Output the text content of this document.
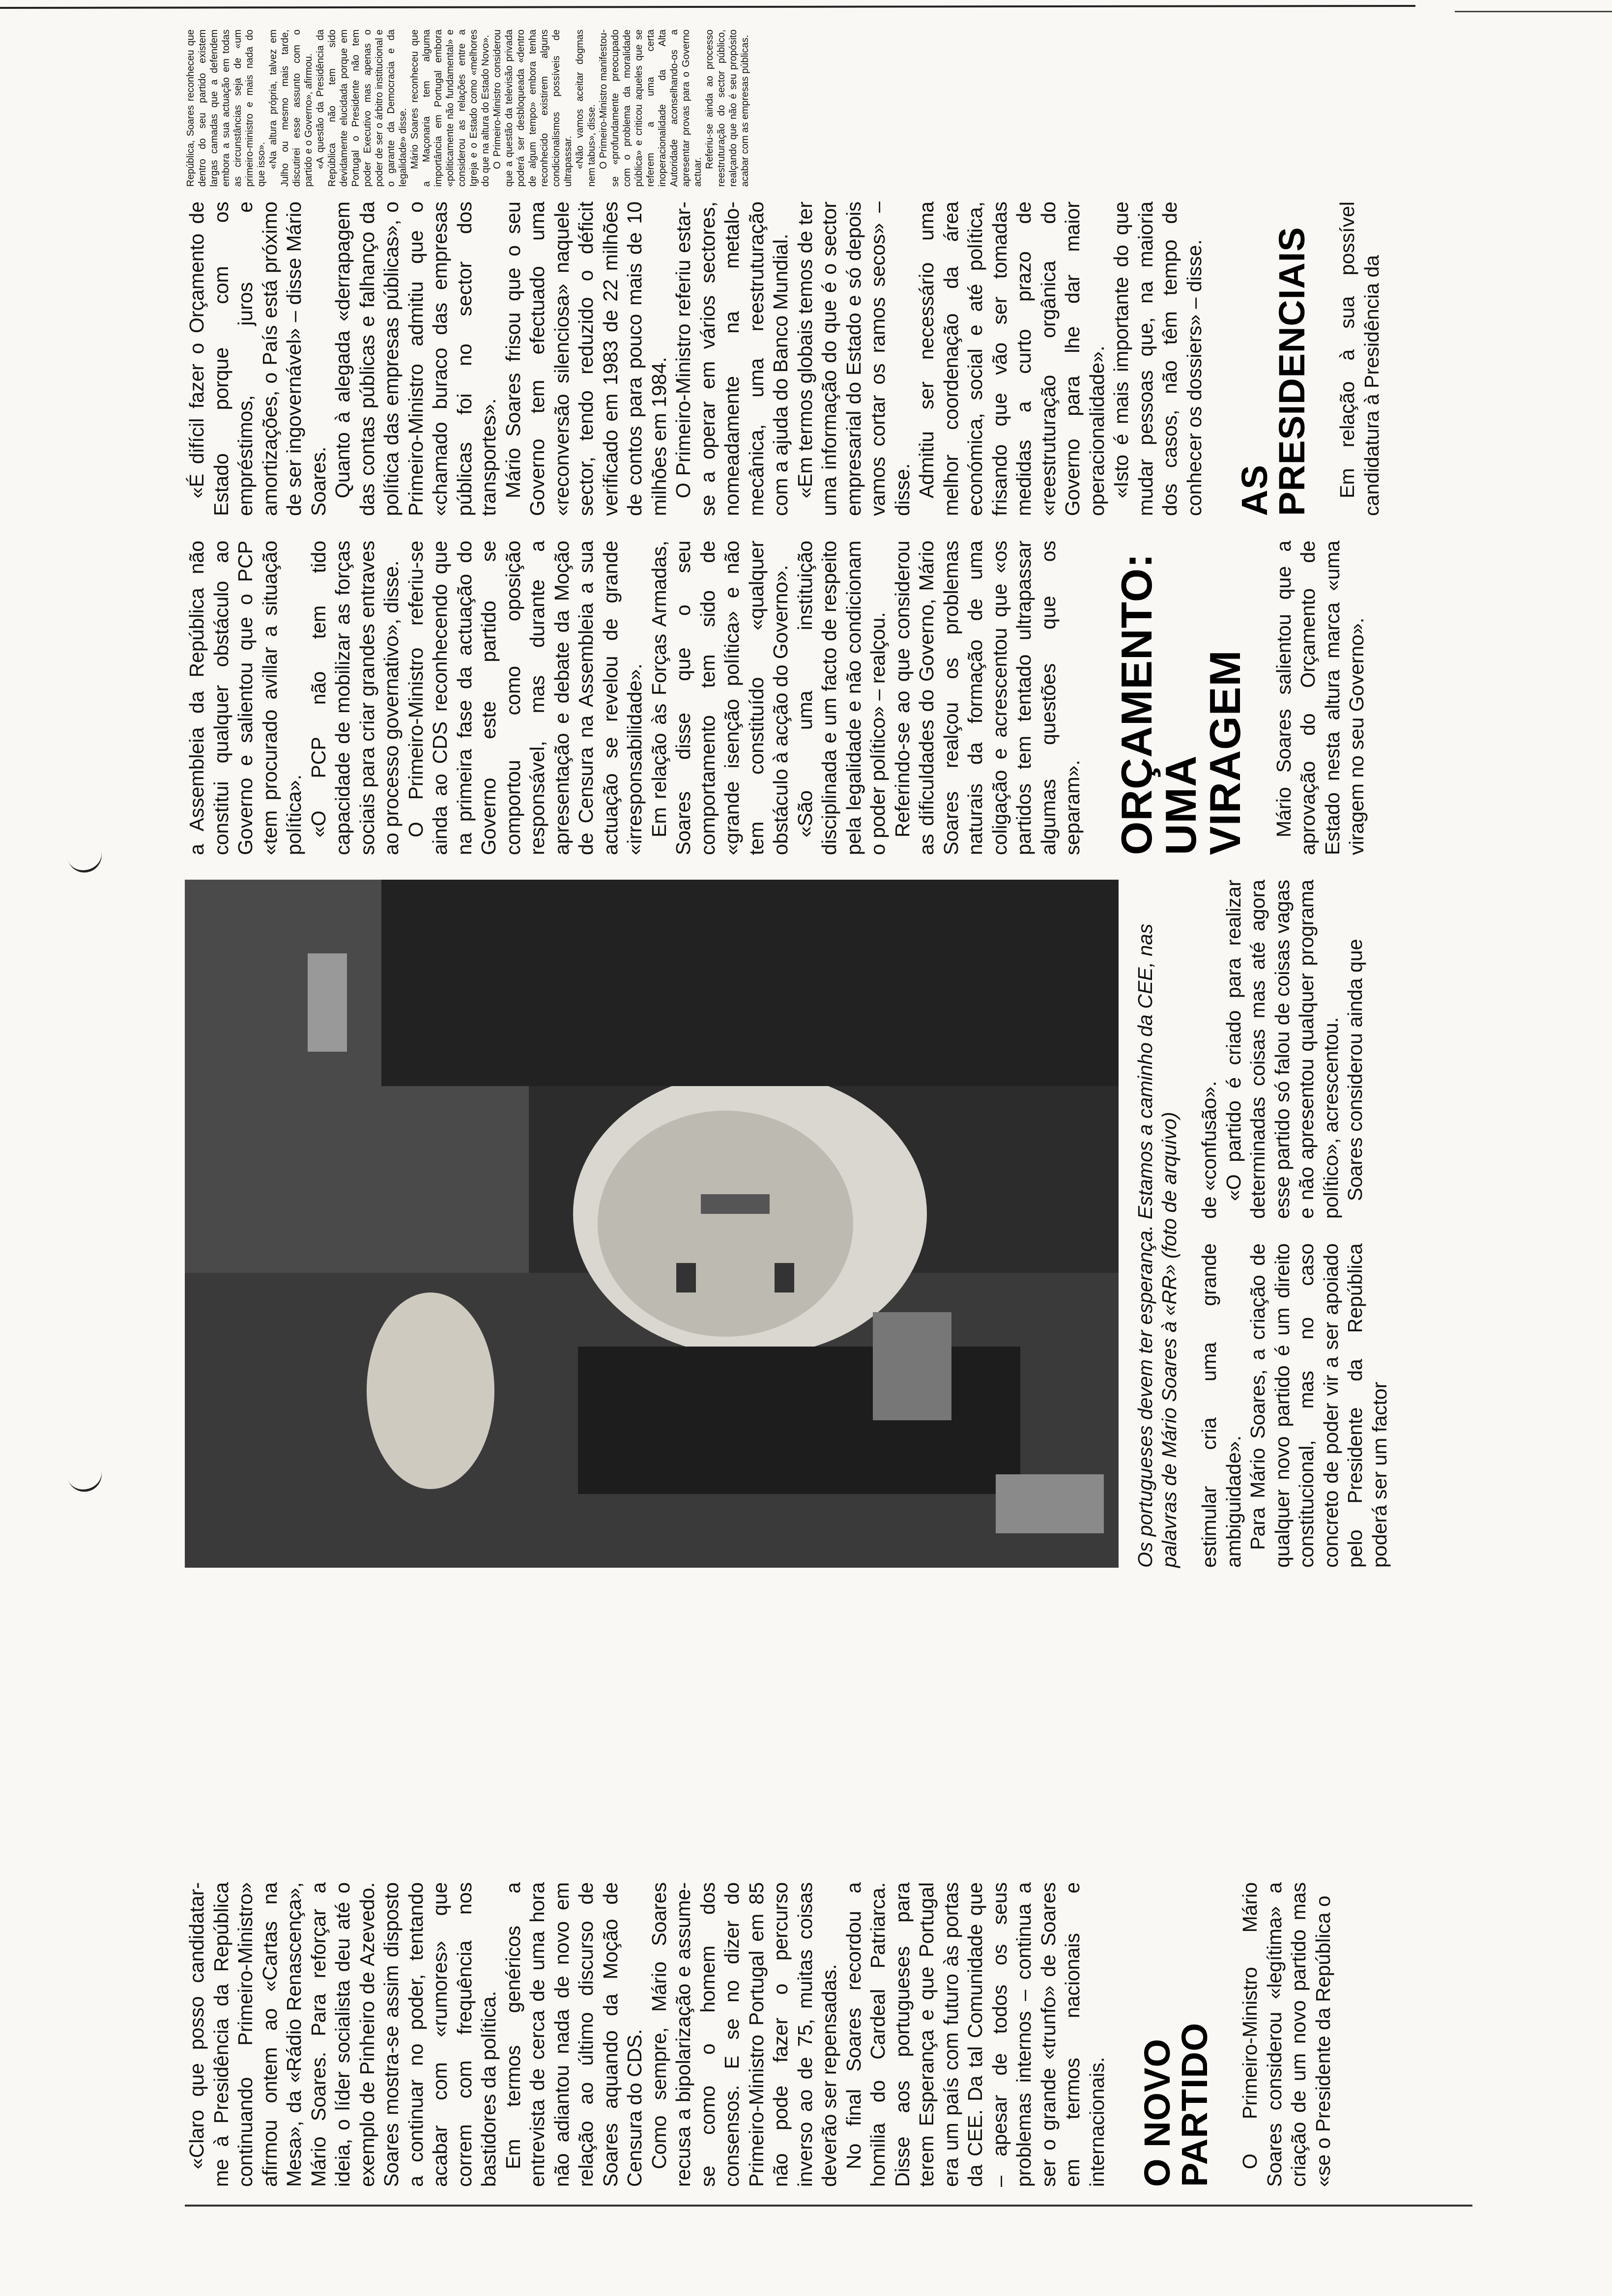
«Claro que posso candidatar-me à Presidência da República continuando Primeiro-Ministro» afirmou ontem ao «Cartas na Mesa», da «Rádio Renascença», Mário Soares. Para reforçar a ideia, o líder socialista deu até o exemplo de Pinheiro de Azevedo. Soares mostra-se assim disposto a continuar no poder, tentando acabar com «rumores» que correm com frequência nos bastidores da política. Em termos genéricos a entrevista de cerca de uma hora não adiantou nada de novo em relação ao último discurso de Soares aquando da Moção de Censura do CDS. Como sempre, Mário Soares recusa a bipolarização e assume-se como o homem dos consensos. E se no dizer do Primeiro-Ministro Portugal em 85 não pode fazer o percurso inverso ao de 75, muitas coisas deverão ser repensadas. No final Soares recordou a homilia do Cardeal Patriarca. Disse aos portugueses para terem Esperança e que Portugal era um país com futuro às portas da CEE. Da tal Comunidade que – apesar de todos os seus problemas internos – continua a ser o grande «trunfo» de Soares em termos nacionais e internacionais. O NOVO PARTIDO O Primeiro-Ministro Mário Soares considerou «legítima» a criação de um novo partido mas «se o Presidente da República o

Os portugueses devem ter esperança. Estamos a caminho da CEE, nas palavras de Mário Soares à «RR» (foto de arquivo) estimular cria uma grande ambiguidade». Para Mário Soares, a criação de qualquer novo partido é um direito constitucional, mas no caso concreto de poder vir a ser apoiado pelo Presidente da República poderá ser um factor

de «confusão». «O partido é criado para realizar determinadas coisas mas até agora esse partido só falou de coisas vagas e não apresentou qualquer programa político», acrescentou. Soares considerou ainda que

a Assembleia da República não constitui qualquer obstáculo ao Governo e salientou que o PCP «tem procurado avillar a situação política». «O PCP não tem tido capacidade de mobilizar as forças sociais para criar grandes entraves ao processo governativo», disse. O Primeiro-Ministro referiu-se ainda ao CDS reconhecendo que na primeira fase da actuação do Governo este partido se comportou como oposição responsável, mas durante a apresentação e debate da Moção de Censura na Assembleia a sua actuação se revelou de grande «irresponsabilidade». Em relação às Forças Armadas, Soares disse que o seu comportamento tem sido de «grande isenção política» e não tem constituído «qualquer obstáculo à acção do Governo». «São uma instituição disciplinada e um facto de respeito pela legalidade e não condicionam o poder político» – realçou. Referindo-se ao que considerou as dificuldades do Governo, Mário Soares realçou os problemas naturais da formação de uma coligação e acrescentou que «os partidos tem tentado ultrapassar algumas questões que os separam». ORÇAMENTO: UMA VIRAGEM Mário Soares salientou que a aprovação do Orçamento de Estado nesta altura marca «uma viragem no seu Governo».

«É difícil fazer o Orçamento de Estado porque com os empréstimos, juros e amortizações, o País está próximo de ser ingovernável» – disse Mário Soares. Quanto à alegada «derrapagem das contas públicas e falhanço da política das empresas públicas», o Primeiro-Ministro admitiu que o «chamado buraco das empresas públicas foi no sector dos transportes». Mário Soares frisou que o seu Governo tem efectuado uma «reconversão silenciosa» naquele sector, tendo reduzido o déficit verificado em 1983 de 22 milhões de contos para pouco mais de 10 milhões em 1984. O Primeiro-Ministro referiu estar-se a operar em vários sectores, nomeadamente na metalo-mecânica, uma reestruturação com a ajuda do Banco Mundial. «Em termos globais temos de ter uma informação do que é o sector empresarial do Estado e só depois vamos cortar os ramos secos» – disse. Admitiu ser necessário uma melhor coordenação da área económica, social e até política, frisando que vão ser tomadas medidas a curto prazo de «reestruturação orgânica do Governo para lhe dar maior operacionalidade». «Isto é mais importante do que mudar pessoas que, na maioria dos casos, não têm tempo de conhecer os dossiers» – disse. AS PRESIDENCIAIS Em relação à sua possível candidatura à Presidência da

República, Soares reconheceu que dentro do seu partido existem largas camadas que a defendem embora a sua actuação em todas as circunstâncias seja de «um primeiro-ministro e mais nada do que isso». «Na altura própria, talvez em Julho ou mesmo mais tarde, discutirei esse assunto com o partido e o Governo», afirmou. «A questão da Presidência da República não tem sido devidamente elucidada porque em Portugal o Presidente não tem poder Executivo mas apenas o poder de ser o árbitro institucional e o garante da Democracia e da legalidade» disse. Mário Soares reconheceu que a Maçonaria tem alguma importância em Portugal embora «politicamente não fundamental» e considerou as relações entre a Igreja e o Estado como «melhores do que na altura do Estado Novo». O Primeiro-Ministro considerou que a questão da televisão privada poderá ser desbloqueada «dentro de algum tempo» embora tenha reconhecido existirem alguns condicionalismos possíveis de ultrapassar. «Não vamos aceitar dogmas nem tabus», disse. O Primeiro-Ministro manifestou-se «profundamente preocupado com o problema da moralidade pública» e criticou aqueles que se referem a uma certa inoperacionalidade da Alta Autoridade aconselhando-os a apresentar provas para o Governo actuar.

Referiu-se ainda ao processo reestruturação do sector público, realçando que não é seu propósito acabar com as empresas públicas.
